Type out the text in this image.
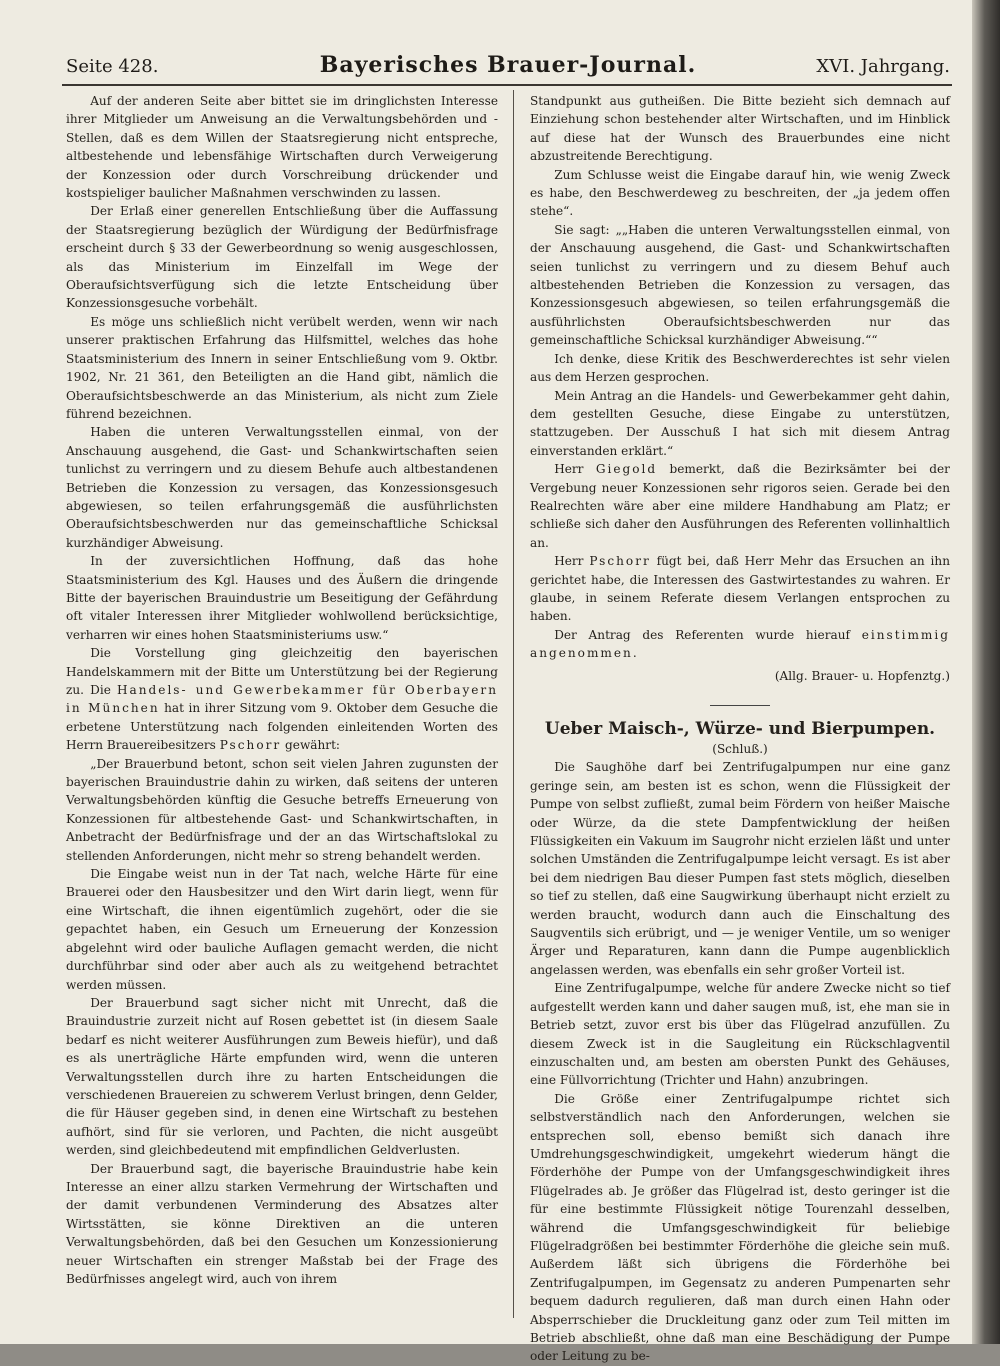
Seite 428.	Bayerisches Brauer-Journal.	XVI. Jahrgang.

Auf der anderen Seite aber bittet sie im dringlichsten Interesse ihrer Mitglieder um Anweisung an die Verwaltungsbehörden und -Stellen, daß es dem Willen der Staatsregierung nicht entspreche, altbestehende und lebensfähige Wirtschaften durch Verweigerung der Konzession oder durch Vorschreibung drückender und kostspieliger baulicher Maßnahmen verschwinden zu lassen.

Der Erlaß einer generellen Entschließung über die Auffassung der Staatsregierung bezüglich der Würdigung der Bedürfnisfrage erscheint durch § 33 der Gewerbeordnung so wenig ausgeschlossen, als das Ministerium im Einzelfall im Wege der Oberaufsichtsverfügung sich die letzte Entscheidung über Konzessionsgesuche vorbehält.

Es möge uns schließlich nicht verübelt werden, wenn wir nach unserer praktischen Erfahrung das Hilfsmittel, welches das hohe Staatsministerium des Innern in seiner Entschließung vom 9. Oktbr. 1902, Nr. 21 361, den Beteiligten an die Hand gibt, nämlich die Oberaufsichtsbeschwerde an das Ministerium, als nicht zum Ziele führend bezeichnen.

Haben die unteren Verwaltungsstellen einmal, von der Anschauung ausgehend, die Gast- und Schankwirtschaften seien tunlichst zu verringern und zu diesem Behufe auch altbestandenen Betrieben die Konzession zu versagen, das Konzessionsgesuch abgewiesen, so teilen erfahrungsgemäß die ausführlichsten Oberaufsichtsbeschwerden nur das gemeinschaftliche Schicksal kurzhändiger Abweisung.

In der zuversichtlichen Hoffnung, daß das hohe Staatsministerium des Kgl. Hauses und des Äußern die dringende Bitte der bayerischen Brauindustrie um Beseitigung der Gefährdung oft vitaler Interessen ihrer Mitglieder wohlwollend berücksichtige, verharren wir eines hohen Staatsministeriums usw.“

Die Vorstellung ging gleichzeitig den bayerischen Handelskammern mit der Bitte um Unterstützung bei der Regierung zu. Die Handels- und Gewerbekammer für Oberbayern in München hat in ihrer Sitzung vom 9. Oktober dem Gesuche die erbetene Unterstützung nach folgenden einleitenden Worten des Herrn Brauereibesitzers Pschorr gewährt:

„Der Brauerbund betont, schon seit vielen Jahren zugunsten der bayerischen Brauindustrie dahin zu wirken, daß seitens der unteren Verwaltungsbehörden künftig die Gesuche betreffs Erneuerung von Konzessionen für altbestehende Gast- und Schankwirtschaften, in Anbetracht der Bedürfnisfrage und der an das Wirtschaftslokal zu stellenden Anforderungen, nicht mehr so streng behandelt werden.

Die Eingabe weist nun in der Tat nach, welche Härte für eine Brauerei oder den Hausbesitzer und den Wirt darin liegt, wenn für eine Wirtschaft, die ihnen eigentümlich zugehört, oder die sie gepachtet haben, ein Gesuch um Erneuerung der Konzession abgelehnt wird oder bauliche Auflagen gemacht werden, die nicht durchführbar sind oder aber auch als zu weitgehend betrachtet werden müssen.

Der Brauerbund sagt sicher nicht mit Unrecht, daß die Brauindustrie zurzeit nicht auf Rosen gebettet ist (in diesem Saale bedarf es nicht weiterer Ausführungen zum Beweis hiefür), und daß es als unerträgliche Härte empfunden wird, wenn die unteren Verwaltungsstellen durch ihre zu harten Entscheidungen die verschiedenen Brauereien zu schwerem Verlust bringen, denn Gelder, die für Häuser gegeben sind, in denen eine Wirtschaft zu bestehen aufhört, sind für sie verloren, und Pachten, die nicht ausgeübt werden, sind gleichbedeutend mit empfindlichen Geldverlusten.

Der Brauerbund sagt, die bayerische Brauindustrie habe kein Interesse an einer allzu starken Vermehrung der Wirtschaften und der damit verbundenen Verminderung des Absatzes alter Wirtsstätten, sie könne Direktiven an die unteren Verwaltungsbehörden, daß bei den Gesuchen um Konzessionierung neuer Wirtschaften ein strenger Maßstab bei der Frage des Bedürfnisses angelegt wird, auch von ihrem

Standpunkt aus gutheißen. Die Bitte bezieht sich demnach auf Einziehung schon bestehender alter Wirtschaften, und im Hinblick auf diese hat der Wunsch des Brauerbundes eine nicht abzustreitende Berechtigung.

Zum Schlusse weist die Eingabe darauf hin, wie wenig Zweck es habe, den Beschwerdeweg zu beschreiten, der „ja jedem offen stehe“.

Sie sagt: „„Haben die unteren Verwaltungsstellen einmal, von der Anschauung ausgehend, die Gast- und Schankwirtschaften seien tunlichst zu verringern und zu diesem Behuf auch altbestehenden Betrieben die Konzession zu versagen, das Konzessionsgesuch abgewiesen, so teilen erfahrungsgemäß die ausführlichsten Oberaufsichtsbeschwerden nur das gemeinschaftliche Schicksal kurzhändiger Abweisung.““

Ich denke, diese Kritik des Beschwerderechtes ist sehr vielen aus dem Herzen gesprochen.

Mein Antrag an die Handels- und Gewerbekammer geht dahin, dem gestellten Gesuche, diese Eingabe zu unterstützen, stattzugeben. Der Ausschuß I hat sich mit diesem Antrag einverstanden erklärt.“

Herr Giegold bemerkt, daß die Bezirksämter bei der Vergebung neuer Konzessionen sehr rigoros seien. Gerade bei den Realrechten wäre aber eine mildere Handhabung am Platz; er schließe sich daher den Ausführungen des Referenten vollinhaltlich an.

Herr Pschorr fügt bei, daß Herr Mehr das Ersuchen an ihn gerichtet habe, die Interessen des Gastwirtestandes zu wahren. Er glaube, in seinem Referate diesem Verlangen entsprochen zu haben.

Der Antrag des Referenten wurde hierauf einstimmig angenommen.

(Allg. Brauer- u. Hopfenztg.)

Ueber Maisch-, Würze- und Bierpumpen.

(Schluß.)

Die Saughöhe darf bei Zentrifugalpumpen nur eine ganz geringe sein, am besten ist es schon, wenn die Flüssigkeit der Pumpe von selbst zufließt, zumal beim Fördern von heißer Maische oder Würze, da die stete Dampfentwicklung der heißen Flüssigkeiten ein Vakuum im Saugrohr nicht erzielen läßt und unter solchen Umständen die Zentrifugalpumpe leicht versagt. Es ist aber bei dem niedrigen Bau dieser Pumpen fast stets möglich, dieselben so tief zu stellen, daß eine Saugwirkung überhaupt nicht erzielt zu werden braucht, wodurch dann auch die Einschaltung des Saugventils sich erübrigt, und — je weniger Ventile, um so weniger Ärger und Reparaturen, kann dann die Pumpe augenblicklich angelassen werden, was ebenfalls ein sehr großer Vorteil ist.

Eine Zentrifugalpumpe, welche für andere Zwecke nicht so tief aufgestellt werden kann und daher saugen muß, ist, ehe man sie in Betrieb setzt, zuvor erst bis über das Flügelrad anzufüllen. Zu diesem Zweck ist in die Saugleitung ein Rückschlagventil einzuschalten und, am besten am obersten Punkt des Gehäuses, eine Füllvorrichtung (Trichter und Hahn) anzubringen.

Die Größe einer Zentrifugalpumpe richtet sich selbstverständlich nach den Anforderungen, welchen sie entsprechen soll, ebenso bemißt sich danach ihre Umdrehungsgeschwindigkeit, umgekehrt wiederum hängt die Förderhöhe der Pumpe von der Umfangsgeschwindigkeit ihres Flügelrades ab. Je größer das Flügelrad ist, desto geringer ist die für eine bestimmte Flüssigkeit nötige Tourenzahl desselben, während die Umfangsgeschwindigkeit für beliebige Flügelradgrößen bei bestimmter Förderhöhe die gleiche sein muß. Außerdem läßt sich übrigens die Förderhöhe bei Zentrifugalpumpen, im Gegensatz zu anderen Pumpenarten sehr bequem dadurch regulieren, daß man durch einen Hahn oder Absperrschieber die Druckleitung ganz oder zum Teil mitten im Betrieb abschließt, ohne daß man eine Beschädigung der Pumpe oder Leitung zu be-
